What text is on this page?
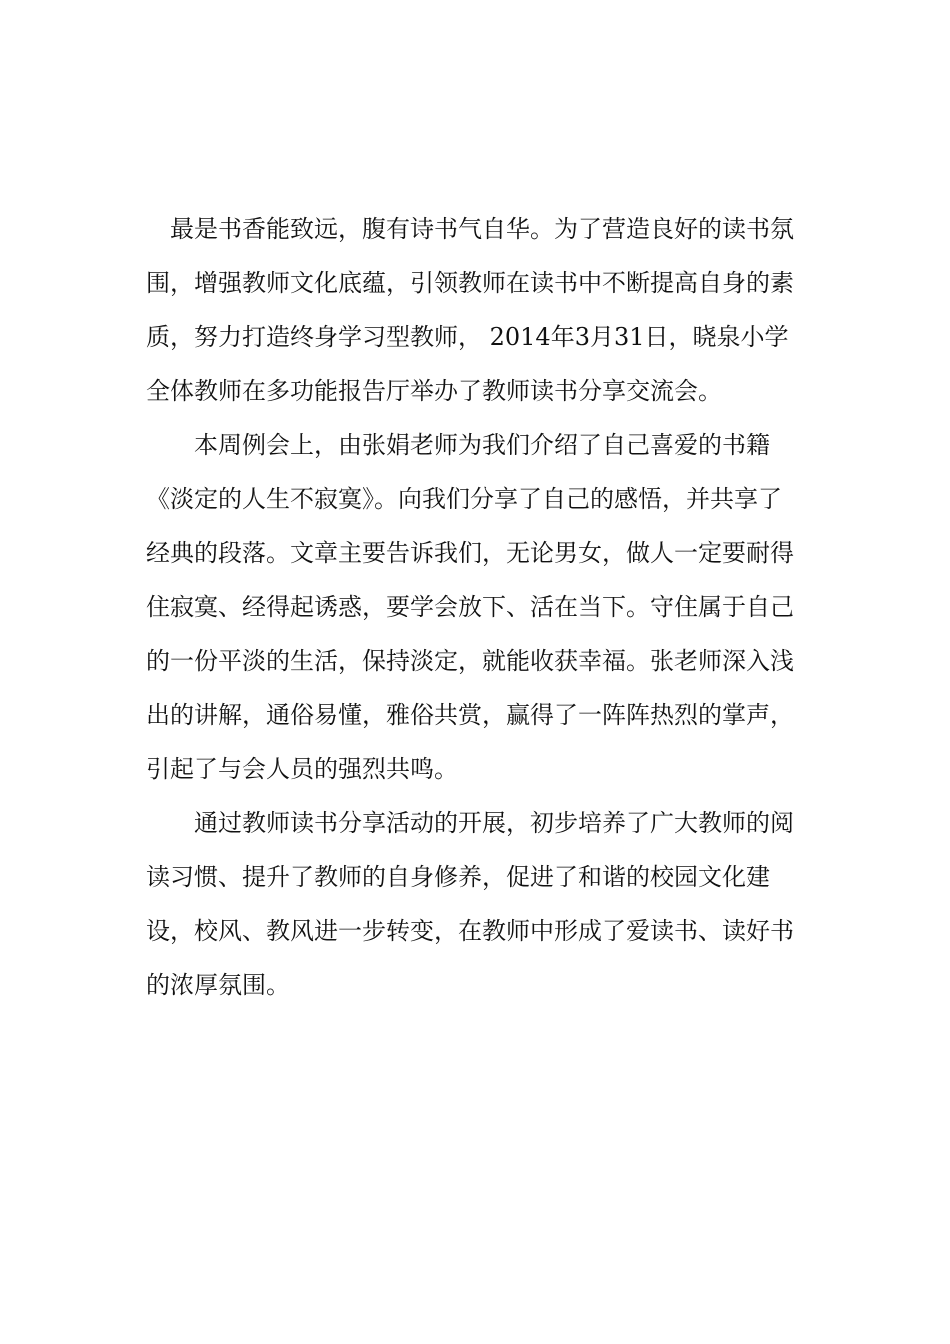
　最是书香能致远，腹有诗书气自华。为了营造良好的读书氛
围，增强教师文化底蕴，引领教师在读书中不断提高自身的素
质，努力打造终身学习型教师， 2014年3月31日，晓泉小学
全体教师在多功能报告厅举办了教师读书分享交流会。
　　本周例会上，由张娟老师为我们介绍了自己喜爱的书籍
《淡定的人生不寂寞》。向我们分享了自己的感悟，并共享了
经典的段落。文章主要告诉我们，无论男女，做人一定要耐得
住寂寞、经得起诱惑，要学会放下、活在当下。守住属于自己
的一份平淡的生活，保持淡定，就能收获幸福。张老师深入浅
出的讲解，通俗易懂，雅俗共赏，赢得了一阵阵热烈的掌声，
引起了与会人员的强烈共鸣。
　　通过教师读书分享活动的开展，初步培养了广大教师的阅
读习惯、提升了教师的自身修养，促进了和谐的校园文化建
设，校风、教风进一步转变，在教师中形成了爱读书、读好书
的浓厚氛围。
